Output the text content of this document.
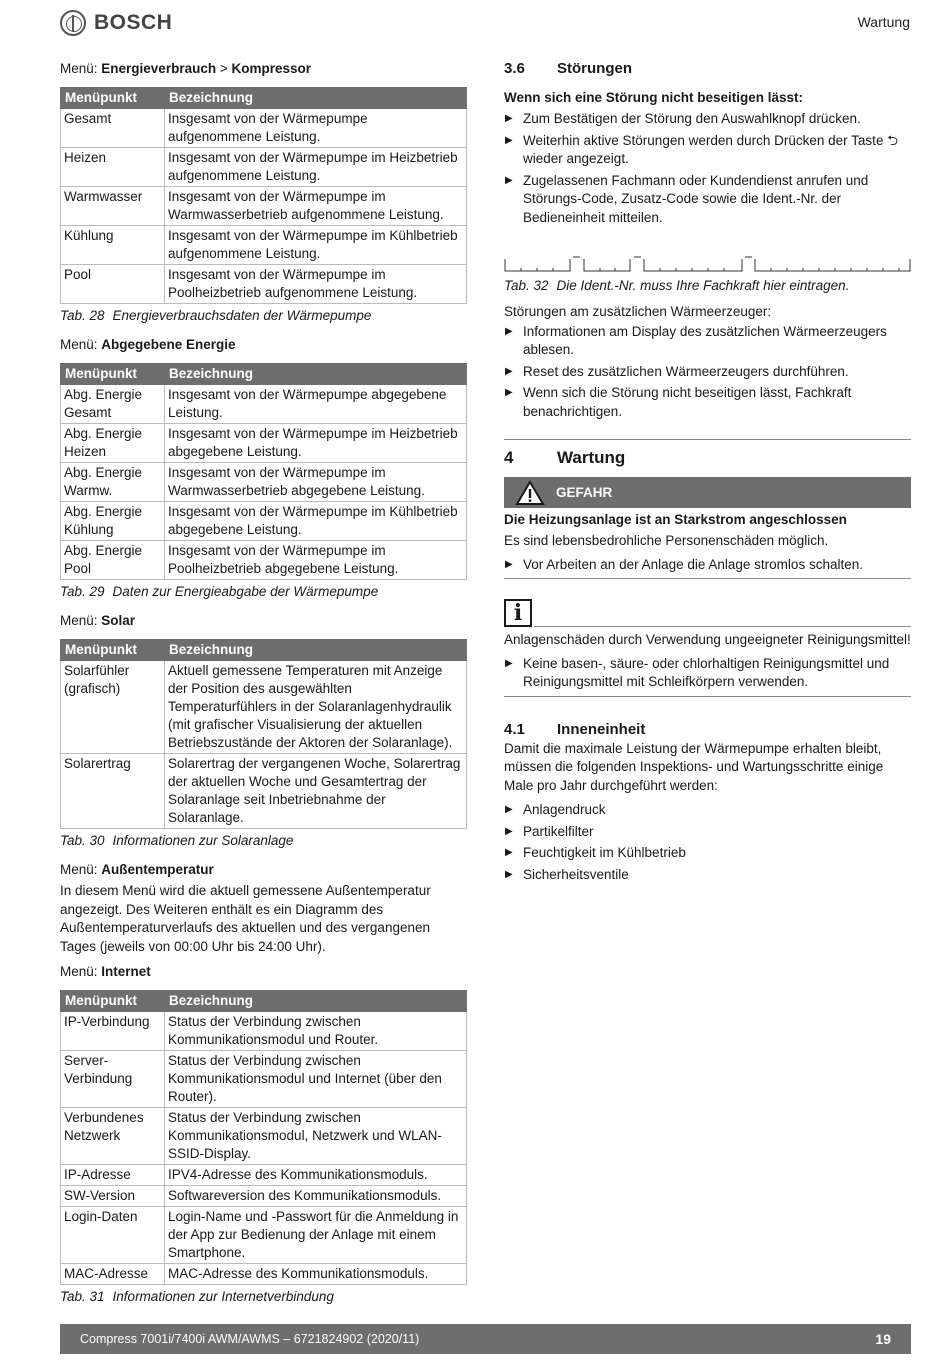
BOSCH	Wartung
Menü: Energieverbrauch > Kompressor
Menüpunkt	Bezeichnung
Gesamt	Insgesamt von der Wärmepumpe aufgenommene Leistung.
Heizen	Insgesamt von der Wärmepumpe im Heizbetrieb aufgenommene Leistung.
Warmwasser	Insgesamt von der Wärmepumpe im Warmwasserbetrieb aufgenommene Leistung.
Kühlung	Insgesamt von der Wärmepumpe im Kühlbetrieb aufgenommene Leistung.
Pool	Insgesamt von der Wärmepumpe im Poolheizbetrieb aufgenommene Leistung.
Tab. 28 Energieverbrauchsdaten der Wärmepumpe
Menü: Abgegebene Energie
Menüpunkt	Bezeichnung
Abg. Energie Gesamt	Insgesamt von der Wärmepumpe abgegebene Leistung.
Abg. Energie Heizen	Insgesamt von der Wärmepumpe im Heizbetrieb abgegebene Leistung.
Abg. Energie Warmw.	Insgesamt von der Wärmepumpe im Warmwasserbetrieb abgegebene Leistung.
Abg. Energie Kühlung	Insgesamt von der Wärmepumpe im Kühlbetrieb abgegebene Leistung.
Abg. Energie Pool	Insgesamt von der Wärmepumpe im Poolheizbetrieb abgegebene Leistung.
Tab. 29 Daten zur Energieabgabe der Wärmepumpe
Menü: Solar
Menüpunkt	Bezeichnung
Solarfühler (grafisch)	Aktuell gemessene Temperaturen mit Anzeige der Position des ausgewählten Temperaturfühlers in der Solaranlagenhydraulik (mit grafischer Visualisierung der aktuellen Betriebszustände der Aktoren der Solaranlage).
Solarertrag	Solarertrag der vergangenen Woche, Solarertrag der aktuellen Woche und Gesamtertrag der Solaranlage seit Inbetriebnahme der Solaranlage.
Tab. 30 Informationen zur Solaranlage
Menü: Außentemperatur

In diesem Menü wird die aktuell gemessene Außentemperatur angezeigt. Des Weiteren enthält es ein Diagramm des Außentemperaturverlaufs des aktuellen und des vergangenen Tages (jeweils von 00:00 Uhr bis 24:00 Uhr).

Menü: Internet
Menüpunkt	Bezeichnung
IP-Verbindung	Status der Verbindung zwischen Kommunikationsmodul und Router.
Server-Verbindung	Status der Verbindung zwischen Kommunikationsmodul und Internet (über den Router).
Verbundenes Netzwerk	Status der Verbindung zwischen Kommunikationsmodul, Netzwerk und WLAN-SSID-Display.
IP-Adresse	IPV4-Adresse des Kommunikationsmoduls.
SW-Version	Softwareversion des Kommunikationsmoduls.
Login-Daten	Login-Name und -Passwort für die Anmeldung in der App zur Bedienung der Anlage mit einem Smartphone.
MAC-Adresse	MAC-Adresse des Kommunikationsmoduls.
Tab. 31 Informationen zur Internetverbindung
3.6	Störungen
Wenn sich eine Störung nicht beseitigen lässt:
▶ Zum Bestätigen der Störung den Auswahlknopf drücken.
▶ Weiterhin aktive Störungen werden durch Drücken der Taste ⮌ wieder angezeigt.
▶ Zugelassenen Fachmann oder Kundendienst anrufen und Störungs-Code, Zusatz-Code sowie die Ident.-Nr. der Bedieneinheit mitteilen.
Tab. 32 Die Ident.-Nr. muss Ihre Fachkraft hier eintragen.

Störungen am zusätzlichen Wärmeerzeuger:

▶ Informationen am Display des zusätzlichen Wärmeerzeugers ablesen.
▶ Reset des zusätzlichen Wärmeerzeugers durchführen.
▶ Wenn sich die Störung nicht beseitigen lässt, Fachkraft benachrichtigen.
4	Wartung
GEFAHR
Die Heizungsanlage ist an Starkstrom angeschlossen

Es sind lebensbedrohliche Personenschäden möglich.

▶ Vor Arbeiten an der Anlage die Anlage stromlos schalten.
i

Anlagenschäden durch Verwendung ungeeigneter Reinigungsmittel!

▶ Keine basen-, säure- oder chlorhaltigen Reinigungsmittel und Reinigungsmittel mit Schleifkörpern verwenden.
4.1	Inneneinheit

Damit die maximale Leistung der Wärmepumpe erhalten bleibt, müssen die folgenden Inspektions- und Wartungsschritte einige Male pro Jahr durchgeführt werden:

▶ Anlagendruck
▶ Partikelfilter
▶ Feuchtigkeit im Kühlbetrieb
▶ Sicherheitsventile
Compress 7001i/7400i AWM/AWMS – 6721824902 (2020/11)	19
